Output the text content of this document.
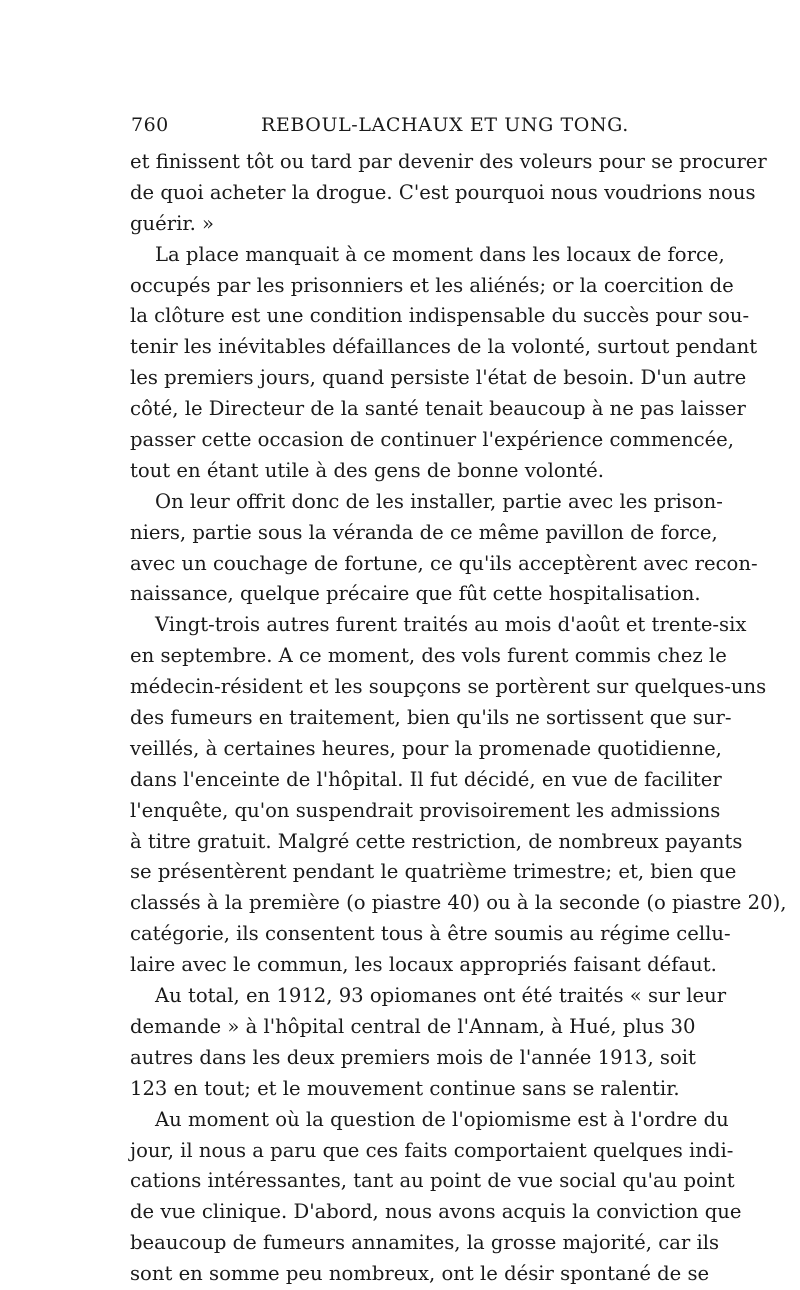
760	REBOUL-LACHAUX ET UNG TONG.
et finissent tôt ou tard par devenir des voleurs pour se procurer
de quoi acheter la drogue. C'est pourquoi nous voudrions nous
guérir. »
La place manquait à ce moment dans les locaux de force,
occupés par les prisonniers et les aliénés; or la coercition de
la clôture est une condition indispensable du succès pour sou-
tenir les inévitables défaillances de la volonté, surtout pendant
les premiers jours, quand persiste l'état de besoin. D'un autre
côté, le Directeur de la santé tenait beaucoup à ne pas laisser
passer cette occasion de continuer l'expérience commencée,
tout en étant utile à des gens de bonne volonté.
On leur offrit donc de les installer, partie avec les prison-
niers, partie sous la véranda de ce même pavillon de force,
avec un couchage de fortune, ce qu'ils acceptèrent avec recon-
naissance, quelque précaire que fût cette hospitalisation.
Vingt-trois autres furent traités au mois d'août et trente-six
en septembre. A ce moment, des vols furent commis chez le
médecin-résident et les soupçons se portèrent sur quelques-uns
des fumeurs en traitement, bien qu'ils ne sortissent que sur-
veillés, à certaines heures, pour la promenade quotidienne,
dans l'enceinte de l'hôpital. Il fut décidé, en vue de faciliter
l'enquête, qu'on suspendrait provisoirement les admissions
à titre gratuit. Malgré cette restriction, de nombreux payants
se présentèrent pendant le quatrième trimestre; et, bien que
classés à la première (o piastre 40) ou à la seconde (o piastre 20),
catégorie, ils consentent tous à être soumis au régime cellu-
laire avec le commun, les locaux appropriés faisant défaut.
Au total, en 1912, 93 opiomanes ont été traités « sur leur
demande » à l'hôpital central de l'Annam, à Hué, plus 30
autres dans les deux premiers mois de l'année 1913, soit
123 en tout; et le mouvement continue sans se ralentir.
Au moment où la question de l'opiomisme est à l'ordre du
jour, il nous a paru que ces faits comportaient quelques indi-
cations intéressantes, tant au point de vue social qu'au point
de vue clinique. D'abord, nous avons acquis la conviction que
beaucoup de fumeurs annamites, la grosse majorité, car ils
sont en somme peu nombreux, ont le désir spontané de se
